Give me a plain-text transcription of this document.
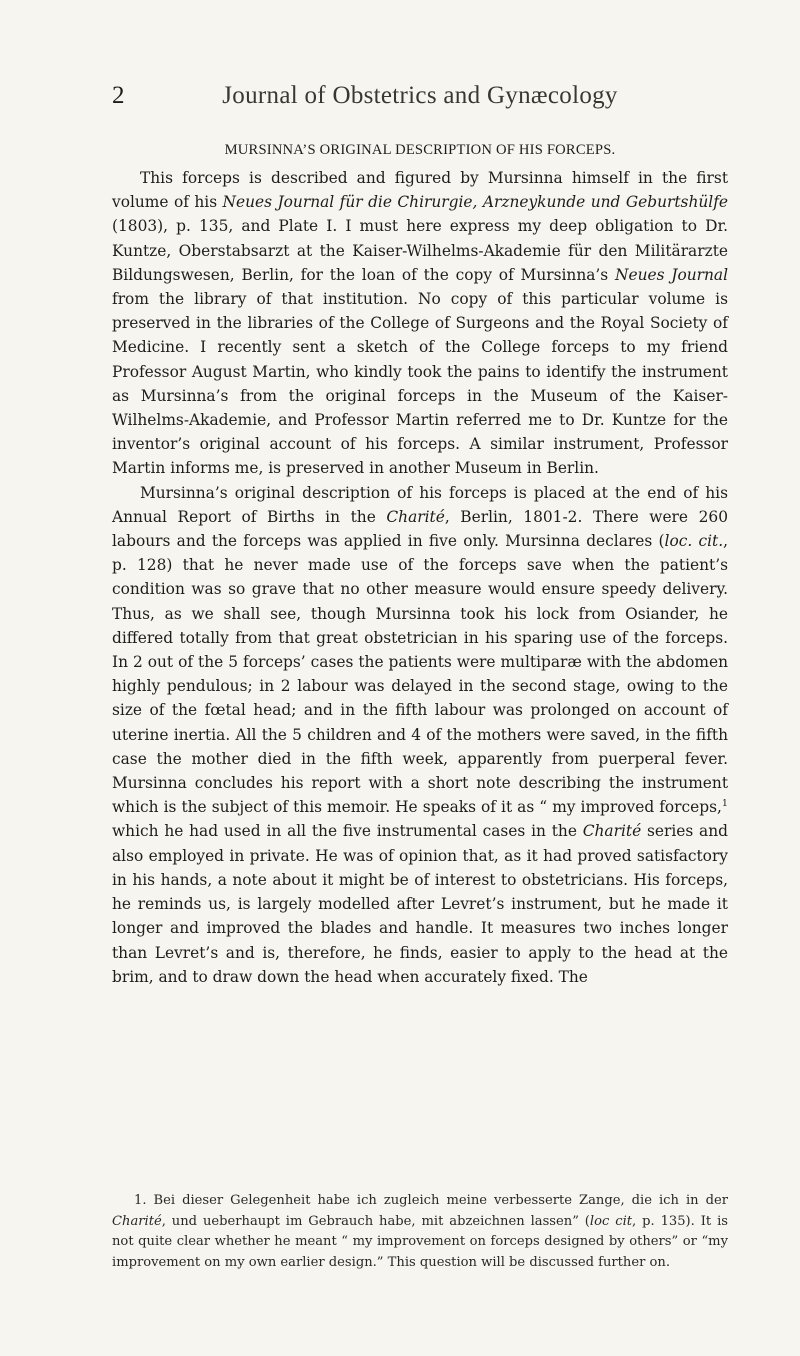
2	Journal of Obstetrics and Gynæcology
MURSINNA’S ORIGINAL DESCRIPTION OF HIS FORCEPS.

This forceps is described and figured by Mursinna himself in the first volume of his Neues Journal für die Chirurgie, Arzneykunde und Geburtshülfe (1803), p. 135, and Plate I. I must here express my deep obligation to Dr. Kuntze, Oberstabsarzt at the Kaiser-Wilhelms-Akademie für den Militärarzte Bildungswesen, Berlin, for the loan of the copy of Mursinna’s Neues Journal from the library of that institution. No copy of this particular volume is preserved in the libraries of the College of Surgeons and the Royal Society of Medicine. I recently sent a sketch of the College forceps to my friend Professor August Martin, who kindly took the pains to identify the instrument as Mursinna’s from the original forceps in the Museum of the Kaiser-Wilhelms-Akademie, and Professor Martin referred me to Dr. Kuntze for the inventor’s original account of his forceps. A similar instrument, Professor Martin informs me, is preserved in another Museum in Berlin.

Mursinna’s original description of his forceps is placed at the end of his Annual Report of Births in the Charité, Berlin, 1801-2. There were 260 labours and the forceps was applied in five only. Mursinna declares (loc. cit., p. 128) that he never made use of the forceps save when the patient’s condition was so grave that no other measure would ensure speedy delivery. Thus, as we shall see, though Mursinna took his lock from Osiander, he differed totally from that great obstetrician in his sparing use of the forceps. In 2 out of the 5 forceps’ cases the patients were multiparæ with the abdomen highly pendulous; in 2 labour was delayed in the second stage, owing to the size of the fœtal head; and in the fifth labour was prolonged on account of uterine inertia. All the 5 children and 4 of the mothers were saved, in the fifth case the mother died in the fifth week, apparently from puerperal fever. Mursinna concludes his report with a short note describing the instrument which is the subject of this memoir. He speaks of it as “ my improved forceps,$^1$ which he had used in all the five instrumental cases in the Charité series and also employed in private. He was of opinion that, as it had proved satisfactory in his hands, a note about it might be of interest to obstetricians. His forceps, he reminds us, is largely modelled after Levret’s instrument, but he made it longer and improved the blades and handle. It measures two inches longer than Levret’s and is, therefore, he finds, easier to apply to the head at the brim, and to draw down the head when accurately fixed. The

1. Bei dieser Gelegenheit habe ich zugleich meine verbesserte Zange, die ich in der Charité, und ueberhaupt im Gebrauch habe, mit abzeichnen lassen” (loc cit, p. 135). It is not quite clear whether he meant “ my improvement on forceps designed by others” or “my improvement on my own earlier design.” This question will be discussed further on.
